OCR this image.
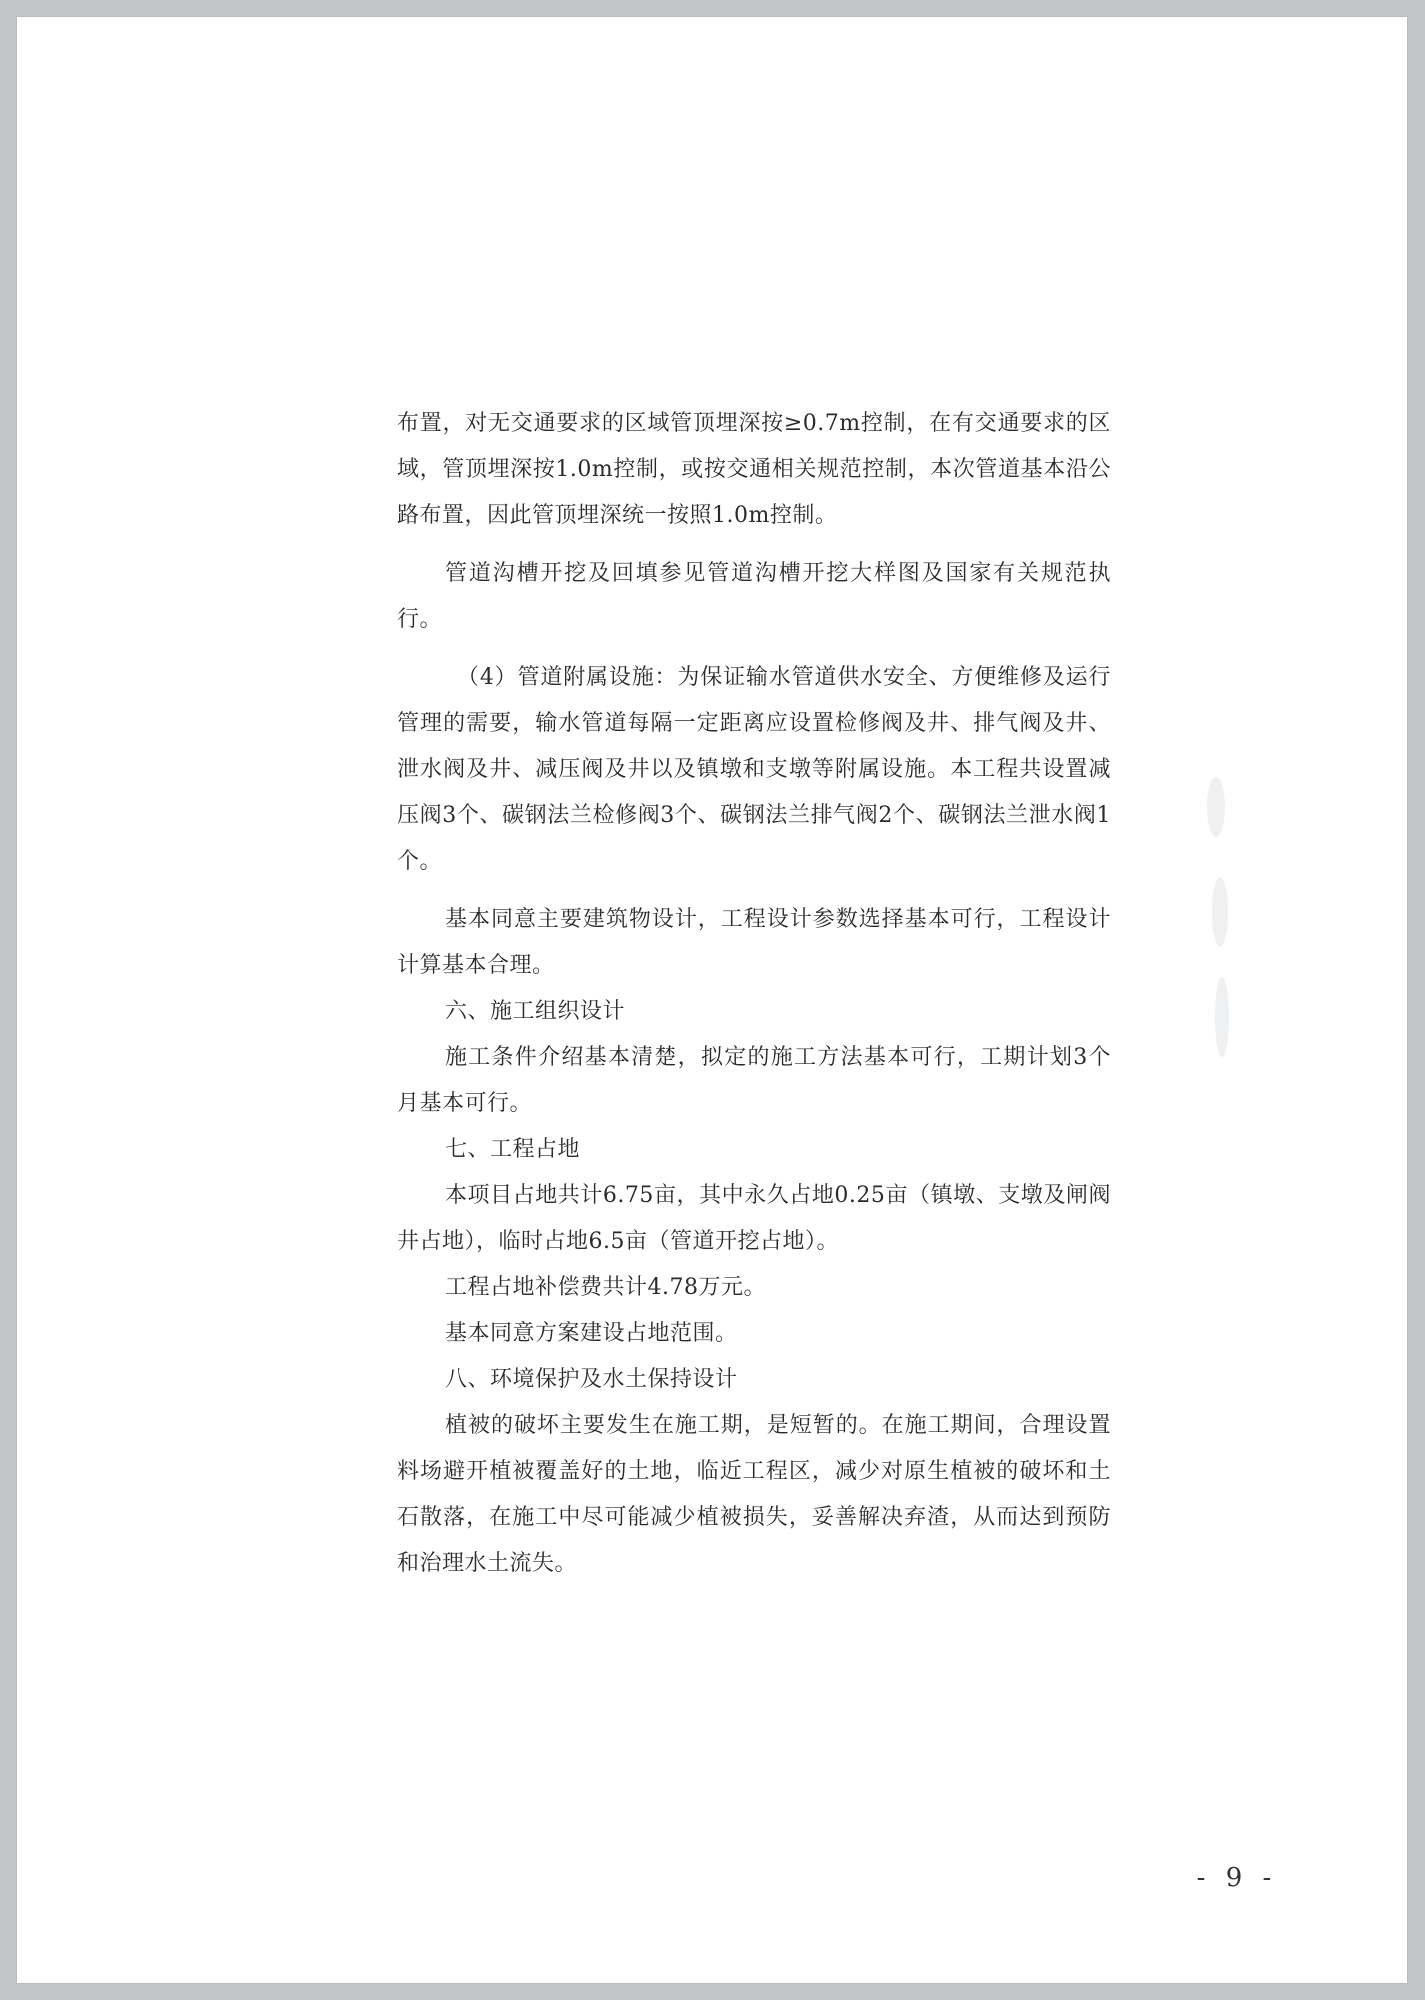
布置，对无交通要求的区域管顶埋深按≥0.7m控制，在有交通要求的区域，管顶埋深按1.0m控制，或按交通相关规范控制，本次管道基本沿公路布置，因此管顶埋深统一按照1.0m控制。

管道沟槽开挖及回填参见管道沟槽开挖大样图及国家有关规范执行。

（4）管道附属设施：为保证输水管道供水安全、方便维修及运行管理的需要，输水管道每隔一定距离应设置检修阀及井、排气阀及井、泄水阀及井、减压阀及井以及镇墩和支墩等附属设施。本工程共设置减压阀3个、碳钢法兰检修阀3个、碳钢法兰排气阀2个、碳钢法兰泄水阀1个。

基本同意主要建筑物设计，工程设计参数选择基本可行，工程设计计算基本合理。

六、施工组织设计

施工条件介绍基本清楚，拟定的施工方法基本可行，工期计划3个月基本可行。

七、工程占地

本项目占地共计6.75亩，其中永久占地0.25亩（镇墩、支墩及闸阀井占地），临时占地6.5亩（管道开挖占地）。

工程占地补偿费共计4.78万元。

基本同意方案建设占地范围。

八、环境保护及水土保持设计

植被的破坏主要发生在施工期，是短暂的。在施工期间，合理设置料场避开植被覆盖好的土地，临近工程区，减少对原生植被的破坏和土石散落，在施工中尽可能减少植被损失，妥善解决弃渣，从而达到预防和治理水土流失。

- 9 -
